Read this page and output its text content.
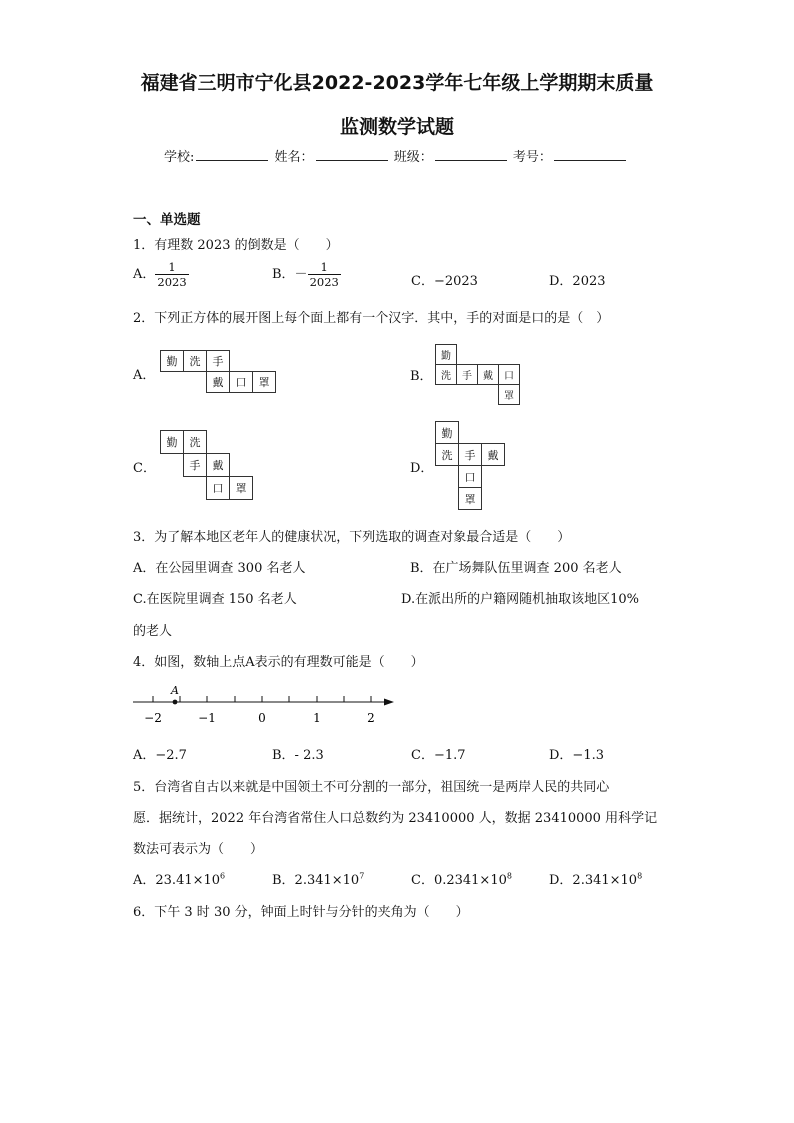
福建省三明市宁化县2022-2023学年七年级上学期期末质量
监测数学试题
学校:	姓名：	班级：	考号：
一、单选题
1．有理数 2023 的倒数是（　　）
A． $\frac{1}{2023}$	B．－ $\frac{1}{2023}$	C．−2023	D．2023
2．下列正方体的展开图上每个面上都有一个汉字．其中，手的对面是口的是（　）
A．
勤	洗	手
戴	口	罩	B．
勤
洗	手	戴	口
罩
C．
勤	洗
手	戴
口	罩
D．
勤
洗	手	戴
口
罩
3．为了解本地区老年人的健康状况，下列选取的调查对象最合适是（　　）
A．在公园里调查 300 名老人	B．在广场舞队伍里调查 200 名老人
C.在医院里调查 150 名老人	D.在派出所的户籍网随机抽取该地区10%
的老人
4．如图，数轴上点A表示的有理数可能是（　　）
−2	−1	0	1	2
A
A．−2.7	B．- 2.3	C．−1.7	D．−1.3
5．台湾省自古以来就是中国领土不可分割的一部分，祖国统一是两岸人民的共同心
愿．据统计，2022 年台湾省常住人口总数约为 23410000 人，数据 23410000 用科学记
数法可表示为（　　）
A．$23.41\times 10^6$	B．$2.341\times 10^7$	C．$0.2341\times 10^8$	D．$2.341\times 10^8$
6．下午 3 时 30 分，钟面上时针与分针的夹角为（　　）
